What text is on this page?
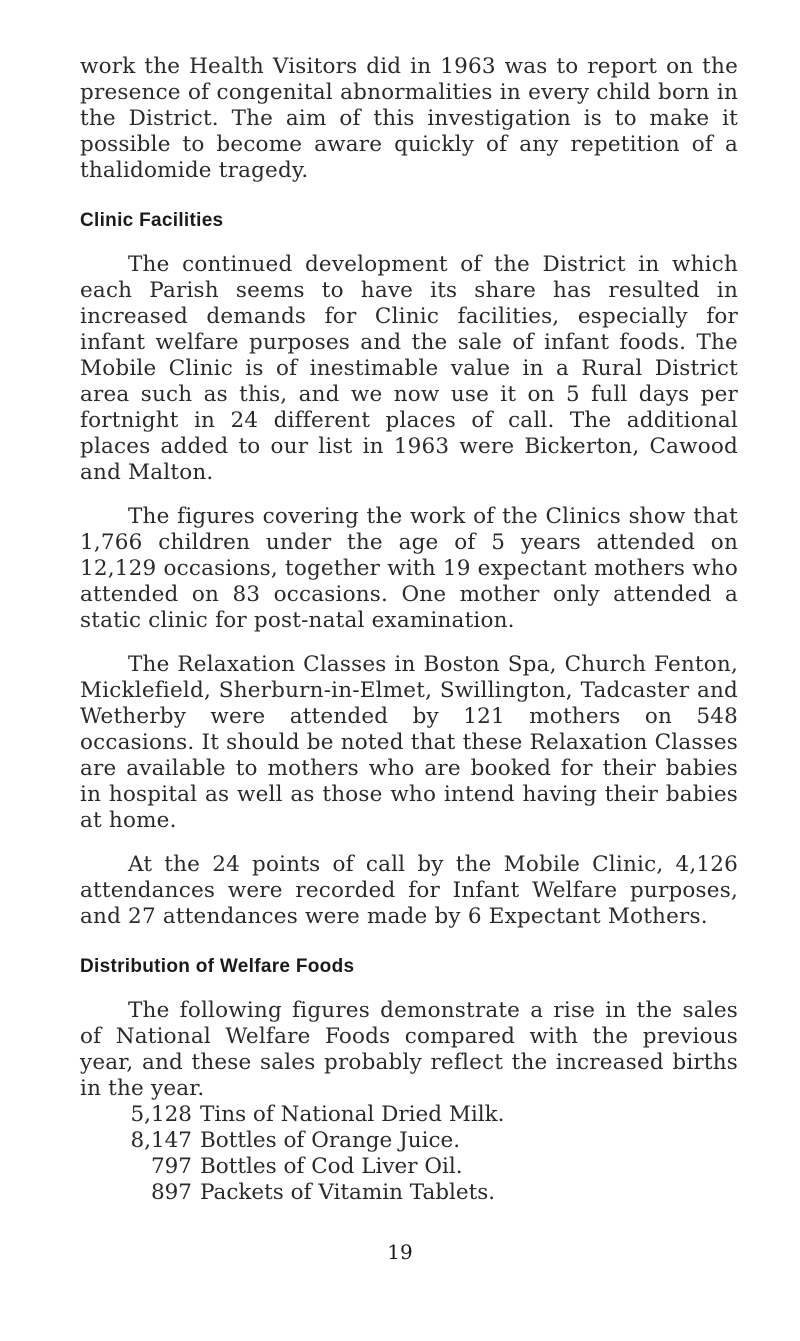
work the Health Visitors did in 1963 was to report on the presence of congenital abnormalities in every child born in the District. The aim of this investigation is to make it possible to become aware quickly of any repetition of a thalidomide tragedy.

Clinic Facilities

The continued development of the District in which each Parish seems to have its share has resulted in increased demands for Clinic facilities, especially for infant welfare purposes and the sale of infant foods. The Mobile Clinic is of inestimable value in a Rural District area such as this, and we now use it on 5 full days per fortnight in 24 different places of call. The additional places added to our list in 1963 were Bickerton, Cawood and Malton.

The figures covering the work of the Clinics show that 1,766 children under the age of 5 years attended on 12,129 occasions, together with 19 expectant mothers who attended on 83 occasions. One mother only attended a static clinic for post-natal examination.

The Relaxation Classes in Boston Spa, Church Fenton, Micklefield, Sherburn-in-Elmet, Swillington, Tadcaster and Wetherby were attended by 121 mothers on 548 occasions. It should be noted that these Relaxation Classes are available to mothers who are booked for their babies in hospital as well as those who intend having their babies at home.

At the 24 points of call by the Mobile Clinic, 4,126 attendances were recorded for Infant Welfare purposes, and 27 attendances were made by 6 Expectant Mothers.

Distribution of Welfare Foods

The following figures demonstrate a rise in the sales of National Welfare Foods compared with the previous year, and these sales probably reflect the increased births in the year.

5,128 Tins of National Dried Milk.
8,147 Bottles of Orange Juice.
797 Bottles of Cod Liver Oil.
897 Packets of Vitamin Tablets.
19
